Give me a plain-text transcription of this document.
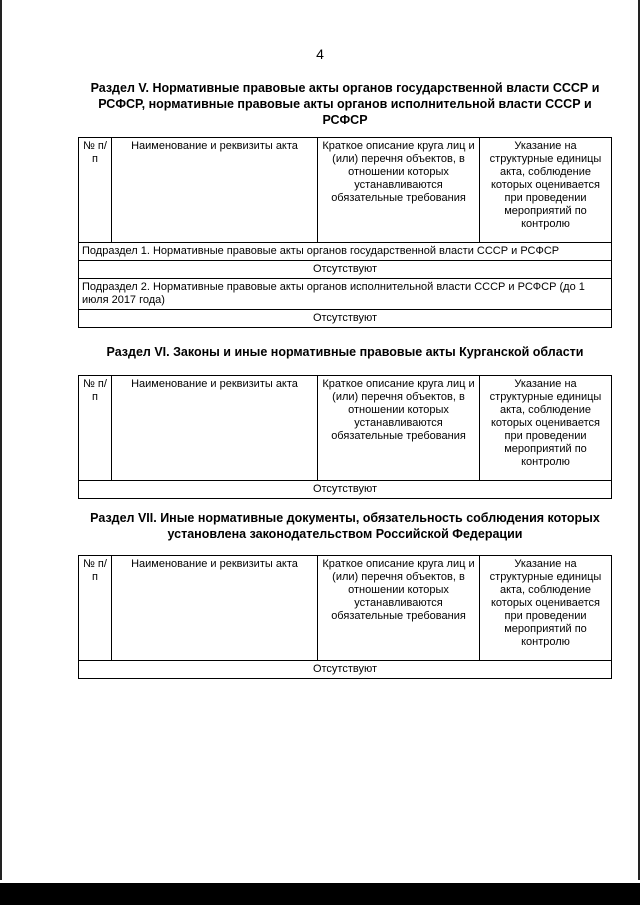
4
Раздел V. Нормативные правовые акты органов государственной власти СССР и РСФСР, нормативные правовые акты органов исполнительной власти СССР и РСФСР
№ п/п	Наименование и реквизиты акта	Краткое описание круга лиц и (или) перечня объектов, в отношении которых устанавливаются обязательные требования	Указание на структурные единицы акта, соблюдение которых оценивается при проведении мероприятий по контролю
Подраздел 1. Нормативные правовые акты органов государственной власти СССР и РСФСР
Отсутствуют
Подраздел 2. Нормативные правовые акты органов исполнительной власти СССР и РСФСР (до 1 июля 2017 года)
Отсутствуют
Раздел VI. Законы и иные нормативные правовые акты Курганской области
№ п/п	Наименование и реквизиты акта	Краткое описание круга лиц и (или) перечня объектов, в отношении которых устанавливаются обязательные требования	Указание на структурные единицы акта, соблюдение которых оценивается при проведении мероприятий по контролю
Отсутствуют
Раздел VII. Иные нормативные документы, обязательность соблюдения которых установлена законодательством Российской Федерации
№ п/п	Наименование и реквизиты акта	Краткое описание круга лиц и (или) перечня объектов, в отношении которых устанавливаются обязательные требования	Указание на структурные единицы акта, соблюдение которых оценивается при проведении мероприятий по контролю
Отсутствуют
